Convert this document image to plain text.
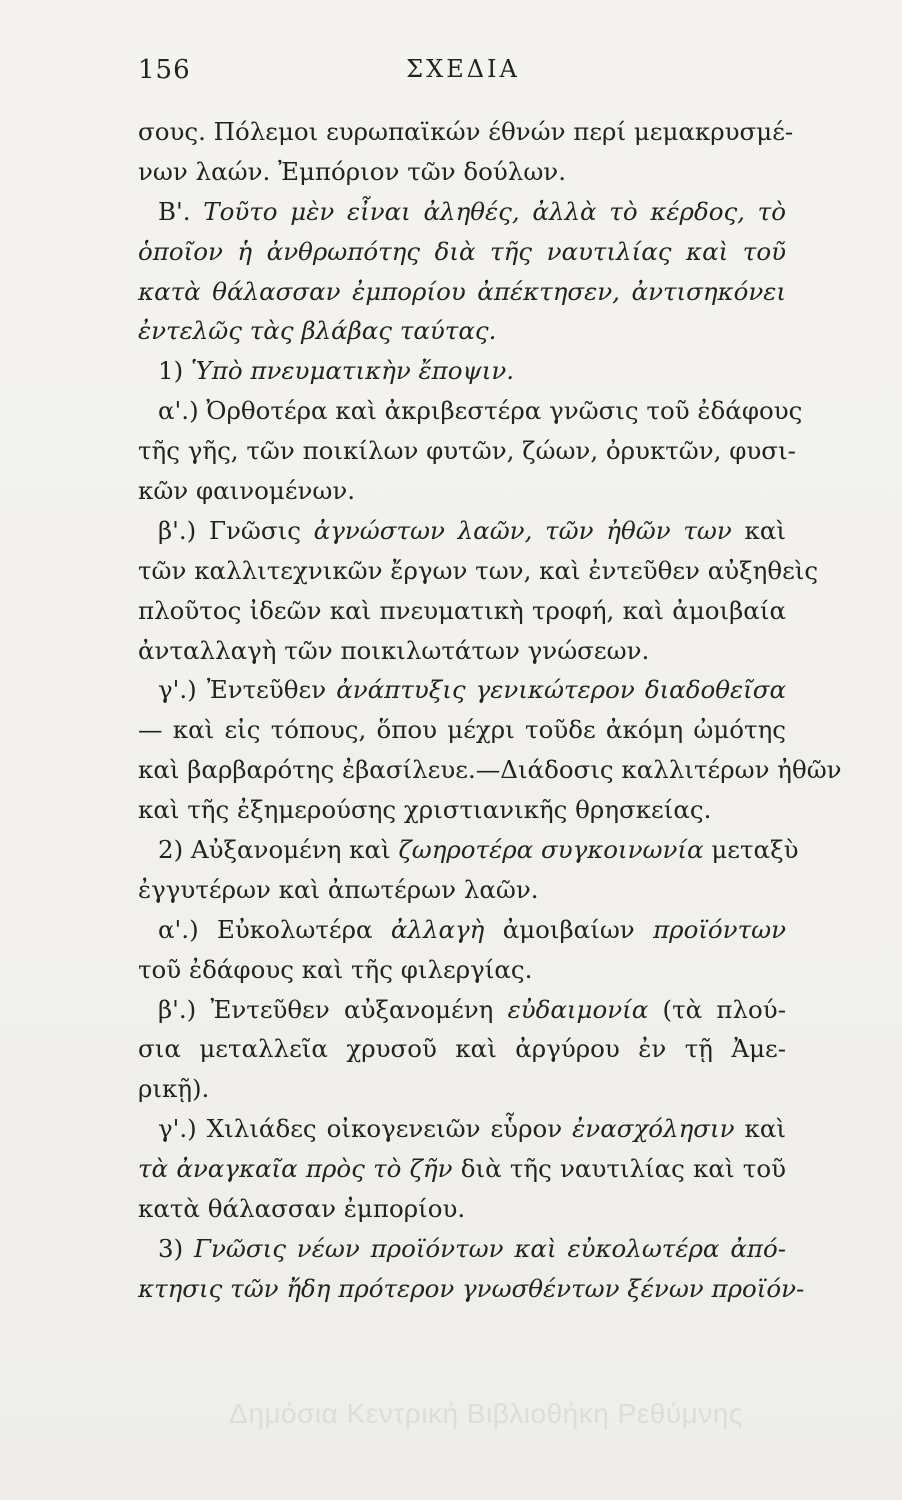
156	ΣΧΕΔΙΑ
σους. Πόλεμοι ευρωπαϊκών έθνών περί μεμακρυσμέ-
νων λαών. Ἐμπόριον τῶν δούλων.
Β'. Τοῦτο μὲν εἶναι ἀληθές, ἀλλὰ τὸ κέρδος, τὸ
ὁποῖον ἡ ἀνθρωπότης διὰ τῆς ναυτιλίας καὶ τοῦ
κατὰ θάλασσαν ἐμπορίου ἀπέκτησεν, ἀντισηκόνει
ἐντελῶς τὰς βλάβας ταύτας.
1) Ὑπὸ πνευματικὴν ἔποψιν.
α'.) Ὀρθοτέρα καὶ ἀκριβεστέρα γνῶσις τοῦ ἐδάφους
τῆς γῆς, τῶν ποικίλων φυτῶν, ζώων, ὀρυκτῶν, φυσι-
κῶν φαινομένων.
β'.) Γνῶσις ἀγνώστων λαῶν, τῶν ἠθῶν των καὶ
τῶν καλλιτεχνικῶν ἔργων των, καὶ ἐντεῦθεν αὐξηθεὶς
πλοῦτος ἰδεῶν καὶ πνευματικὴ τροφή, καὶ ἀμοιβαία
ἀνταλλαγὴ τῶν ποικιλωτάτων γνώσεων.
γ'.) Ἐντεῦθεν ἀνάπτυξις γενικώτερον διαδοθεῖσα
— καὶ εἰς τόπους, ὅπου μέχρι τοῦδε ἀκόμη ὠμότης
καὶ βαρβαρότης ἐβασίλευε.—Διάδοσις καλλιτέρων ἠθῶν
καὶ τῆς ἐξημερούσης χριστιανικῆς θρησκείας.
2) Αὐξανομένη καὶ ζωηροτέρα συγκοινωνία μεταξὺ
ἐγγυτέρων καὶ ἀπωτέρων λαῶν.
α'.) Εὐκολωτέρα ἀλλαγὴ ἀμοιβαίων προϊόντων
τοῦ ἐδάφους καὶ τῆς φιλεργίας.
β'.) Ἐντεῦθεν αὐξανομένη εὐδαιμονία (τὰ πλού-
σια μεταλλεῖα χρυσοῦ καὶ ἀργύρου ἐν τῇ Ἀμε-
ρικῇ).
γ'.) Χιλιάδες οἰκογενειῶν εὗρον ἐνασχόλησιν καὶ
τὰ ἀναγκαῖα πρὸς τὸ ζῆν διὰ τῆς ναυτιλίας καὶ τοῦ
κατὰ θάλασσαν ἐμπορίου.
3) Γνῶσις νέων προϊόντων καὶ εὐκολωτέρα ἀπό-
κτησις τῶν ἤδη πρότερον γνωσθέντων ξένων προϊόν-
Δημόσια Κεντρική Βιβλιοθήκη Ρεθύμνης
